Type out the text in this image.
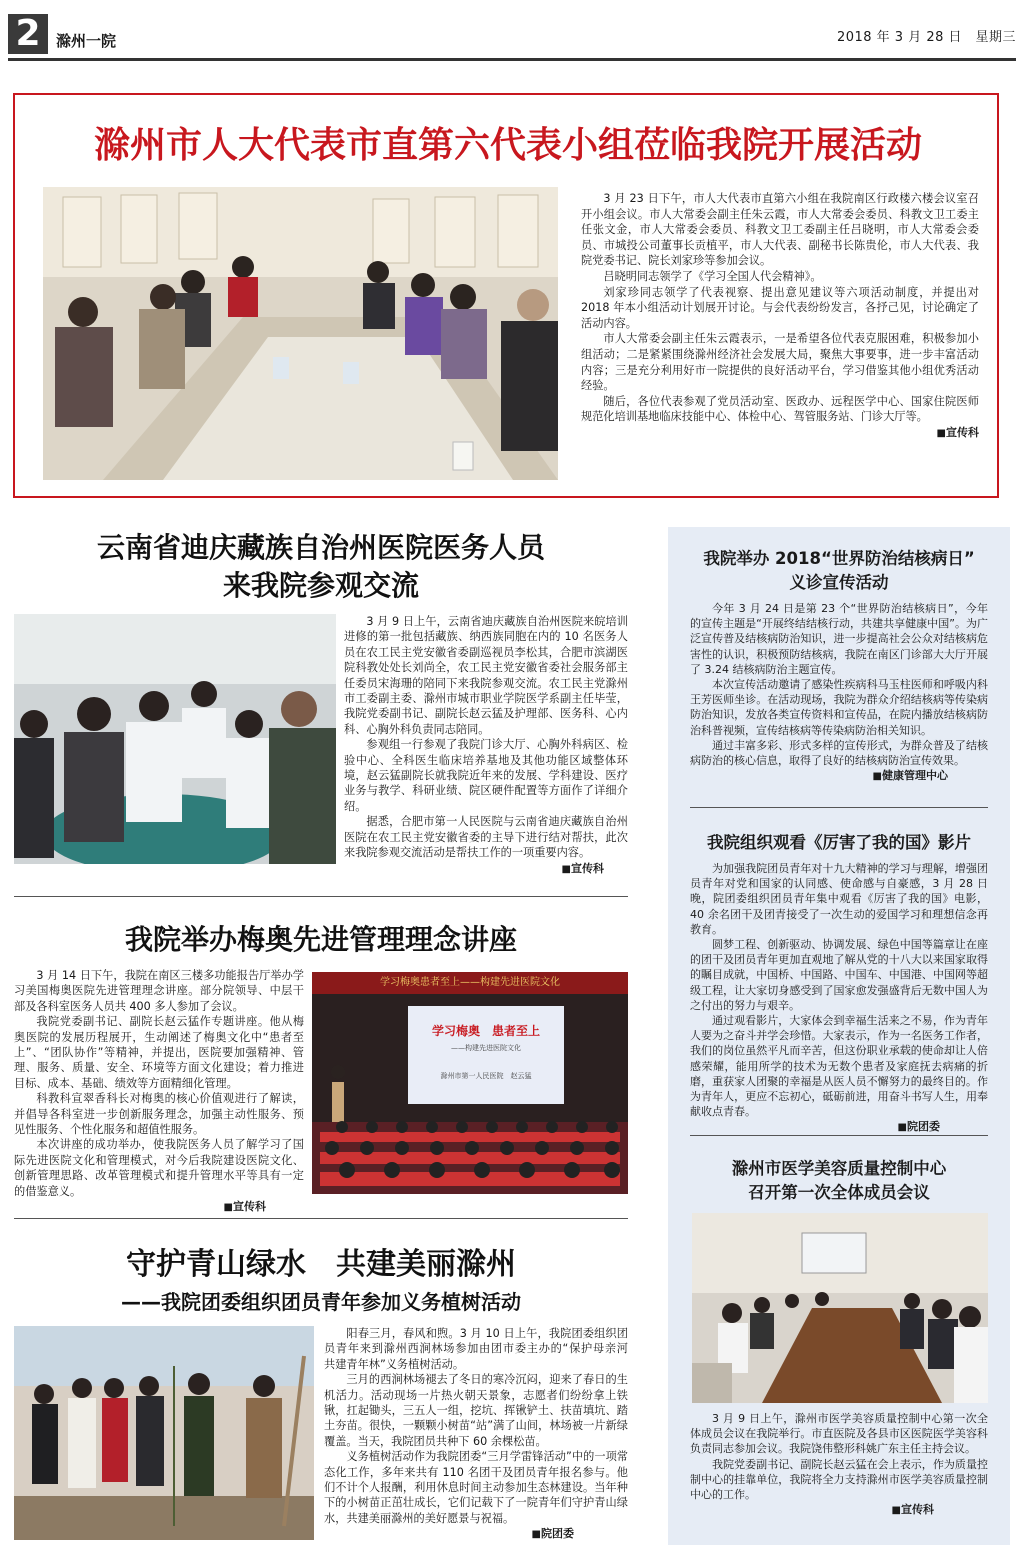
2	滁州一院	2018 年 3 月 28 日　星期三
滁州市人大代表市直第六代表小组莅临我院开展活动

3 月 23 日下午，市人大代表市直第六小组在我院南区行政楼六楼会议室召开小组会议。市人大常委会副主任朱云霞，市人大常委会委员、科教文卫工委主任张文金，市人大常委会委员、科教文卫工委副主任吕晓明，市人大常委会委员、市城投公司董事长贡植平，市人大代表、副秘书长陈贵伦，市人大代表、我院党委书记、院长刘家珍等参加会议。

吕晓明同志领学了《学习全国人代会精神》。

刘家珍同志领学了代表视察、提出意见建议等六项活动制度，并提出对 2018 年本小组活动计划展开讨论。与会代表纷纷发言，各抒己见，讨论确定了活动内容。

市人大常委会副主任朱云霞表示，一是希望各位代表克服困难，积极参加小组活动；二是紧紧围绕滁州经济社会发展大局，聚焦大事要事，进一步丰富活动内容；三是充分利用好市一院提供的良好活动平台，学习借鉴其他小组优秀活动经验。

随后，各位代表参观了党员活动室、医政办、远程医学中心、国家住院医师规范化培训基地临床技能中心、体检中心、驾管服务站、门诊大厅等。

■ 宣传科
云南省迪庆藏族自治州医院医务人员
来我院参观交流

3 月 9 日上午，云南省迪庆藏族自治州医院来皖培训进修的第一批包括藏族、纳西族同胞在内的 10 名医务人员在农工民主党安徽省委副巡视员李松其，合肥市滨湖医院科教处处长刘尚全，农工民主党安徽省委社会服务部主任委员宋海珊的陪同下来我院参观交流。农工民主党滁州市工委副主委、滁州市城市职业学院医学系副主任毕莹，我院党委副书记、副院长赵云猛及护理部、医务科、心内科、心胸外科负责同志陪同。

参观组一行参观了我院门诊大厅、心胸外科病区、检验中心、全科医生临床培养基地及其他功能区域整体环境，赵云猛副院长就我院近年来的发展、学科建设、医疗业务与教学、科研业绩、院区硬件配置等方面作了详细介绍。

据悉，合肥市第一人民医院与云南省迪庆藏族自治州医院在农工民主党安徽省委的主导下进行结对帮扶，此次来我院参观交流活动是帮扶工作的一项重要内容。

■ 宣传科
我院举办梅奥先进管理理念讲座

3 月 14 日下午，我院在南区三楼多功能报告厅举办学习美国梅奥医院先进管理理念讲座。部分院领导、中层干部及各科室医务人员共 400 多人参加了会议。

我院党委副书记、副院长赵云猛作专题讲座。他从梅奥医院的发展历程展开，生动阐述了梅奥文化中“患者至上”、“团队协作”等精神，并提出，医院要加强精神、管理、服务、质量、安全、环境等方面文化建设；着力推进目标、成本、基础、绩效等方面精细化管理。

科教科宣翠香科长对梅奥的核心价值观进行了解读，并倡导各科室进一步创新服务理念，加强主动性服务、预见性服务、个性化服务和超值性服务。

本次讲座的成功举办，使我院医务人员了解学习了国际先进医院文化和管理模式，对今后我院建设医院文化、创新管理思路、改革管理模式和提升管理水平等具有一定的借鉴意义。

■ 宣传科
学习梅奥患者至上——构建先进医院文化
学习梅奥　患者至上
——构建先进医院文化
滁州市第一人民医院　赵云猛
守护青山绿水　共建美丽滁州
——我院团委组织团员青年参加义务植树活动

阳春三月，春风和煦。3 月 10 日上午，我院团委组织团员青年来到滁州西涧林场参加由团市委主办的“保护母亲河　共建青年林”义务植树活动。

三月的西涧林场褪去了冬日的寒冷沉闷，迎来了春日的生机活力。活动现场一片热火朝天景象，志愿者们纷纷拿上铁锹，扛起锄头，三五人一组，挖坑、挥锹铲土、扶苗填坑、踏土夯苗。很快，一颗颗小树苗“站”满了山间，林场被一片新绿覆盖。当天，我院团员共种下 60 余棵松苗。

义务植树活动作为我院团委“三月学雷锋活动”中的一项常态化工作，多年来共有 110 名团干及团员青年报名参与。他们不计个人报酬，利用休息时间主动参加生态林建设。当年种下的小树苗正茁壮成长，它们记载下了一院青年们守护青山绿水，共建美丽滁州的美好愿景与祝福。

■ 院团委
我院举办 2018“世界防治结核病日”
义诊宣传活动

今年 3 月 24 日是第 23 个“世界防治结核病日”，今年的宣传主题是“开展终结结核行动，共建共享健康中国”。为广泛宣传普及结核病防治知识，进一步提高社会公众对结核病危害性的认识，积极预防结核病，我院在南区门诊部大大厅开展了 3.24 结核病防治主题宣传。

本次宣传活动邀请了感染性疾病科马玉柱医师和呼吸内科王芳医师坐诊。在活动现场，我院为群众介绍结核病等传染病防治知识，发放各类宣传资料和宣传品，在院内播放结核病防治科普视频，宣传结核病等传染病防治相关知识。

通过丰富多彩、形式多样的宣传形式，为群众普及了结核病防治的核心信息，取得了良好的结核病防治宣传效果。

■ 健康管理中心
我院组织观看《厉害了我的国》影片

为加强我院团员青年对十九大精神的学习与理解，增强团员青年对党和国家的认同感、使命感与自豪感，3 月 28 日晚，院团委组织团员青年集中观看《厉害了我的国》电影，40 余名团干及团青接受了一次生动的爱国学习和理想信念再教育。

圆梦工程、创新驱动、协调发展、绿色中国等篇章让在座的团干及团员青年更加直观地了解从党的十八大以来国家取得的瞩目成就，中国桥、中国路、中国车、中国港、中国网等超级工程，让大家切身感受到了国家愈发强盛背后无数中国人为之付出的努力与艰辛。

通过观看影片，大家体会到幸福生活来之不易，作为青年人要为之奋斗并学会珍惜。大家表示，作为一名医务工作者，我们的岗位虽然平凡而辛苦，但这份职业承载的使命却让人倍感荣耀，能用所学的技术为无数个患者及家庭抚去病痛的折磨，重获家人团聚的幸福是从医人员不懈努力的最终目的。作为青年人，更应不忘初心，砥砺前进，用奋斗书写人生，用奉献收点青春。

■ 院团委
滁州市医学美容质量控制中心
召开第一次全体成员会议

3 月 9 日上午，滁州市医学美容质量控制中心第一次全体成员会议在我院举行。市直医院及各县市区医院医学美容科负责同志参加会议。我院饶伟整形科姚广东主任主持会议。

我院党委副书记、副院长赵云猛在会上表示，作为质量控制中心的挂靠单位，我院将全力支持滁州市医学美容质量控制中心的工作。

■ 宣传科
